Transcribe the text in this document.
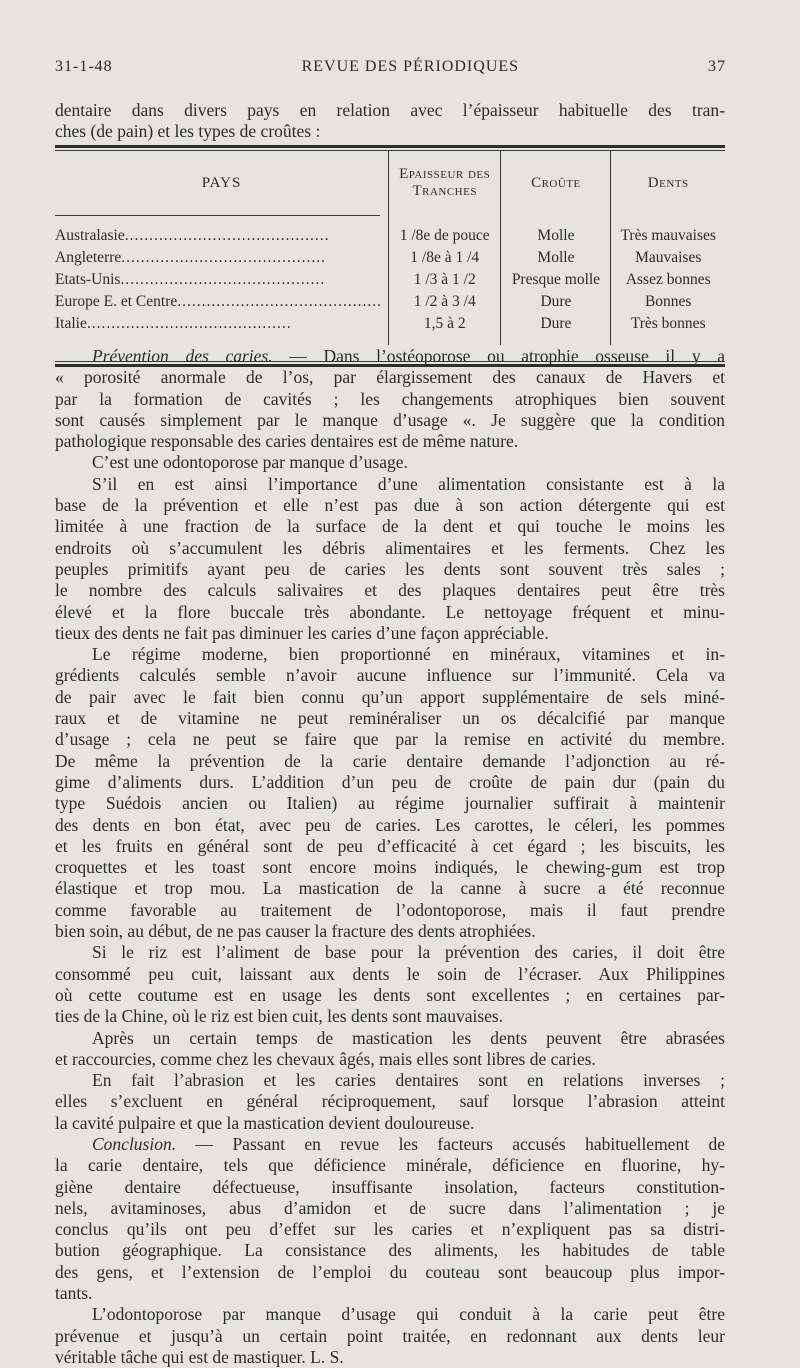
31-1-48	REVUE DES PÉRIODIQUES	37
dentaire dans divers pays en relation avec l’épaisseur habituelle des tran-
ches (de pain) et les types de croûtes :
PAYS	Epaisseur des Tranches	Croûte	Dents

Australasie ..........................................	1 /8e de pouce	Molle	Très mauvaises

Angleterre ..........................................	1 /8e à 1 /4	Molle	Mauvaises

Etats-Unis ..........................................	1 /3 à 1 /2	Presque molle	Assez bonnes

Europe E. et Centre ..........................................	1 /2 à 3 /4	Dure	Bonnes

Italie ..........................................	1,5 à 2	Dure	Très bonnes

Prévention des caries. — Dans l’ostéoporose ou atrophie osseuse il y a
« porosité anormale de l’os, par élargissement des canaux de Havers et
par la formation de cavités ; les changements atrophiques bien souvent
sont causés simplement par le manque d’usage «. Je suggère que la condition
pathologique responsable des caries dentaires est de même nature.
C’est une odontoporose par manque d’usage.
S’il en est ainsi l’importance d’une alimentation consistante est à la
base de la prévention et elle n’est pas due à son action détergente qui est
limitée à une fraction de la surface de la dent et qui touche le moins les
endroits où s’accumulent les débris alimentaires et les ferments. Chez les
peuples primitifs ayant peu de caries les dents sont souvent très sales ;
le nombre des calculs salivaires et des plaques dentaires peut être très
élevé et la flore buccale très abondante. Le nettoyage fréquent et minu-
tieux des dents ne fait pas diminuer les caries d’une façon appréciable.
Le régime moderne, bien proportionné en minéraux, vitamines et in-
grédients calculés semble n’avoir aucune influence sur l’immunité. Cela va
de pair avec le fait bien connu qu’un apport supplémentaire de sels miné-
raux et de vitamine ne peut reminéraliser un os décalcifié par manque
d’usage ; cela ne peut se faire que par la remise en activité du membre.
De même la prévention de la carie dentaire demande l’adjonction au ré-
gime d’aliments durs. L’addition d’un peu de croûte de pain dur (pain du
type Suédois ancien ou Italien) au régime journalier suffirait à maintenir
des dents en bon état, avec peu de caries. Les carottes, le céleri, les pommes
et les fruits en général sont de peu d’efficacité à cet égard ; les biscuits, les
croquettes et les toast sont encore moins indiqués, le chewing-gum est trop
élastique et trop mou. La mastication de la canne à sucre a été reconnue
comme favorable au traitement de l’odontoporose, mais il faut prendre
bien soin, au début, de ne pas causer la fracture des dents atrophiées.
Si le riz est l’aliment de base pour la prévention des caries, il doit être
consommé peu cuit, laissant aux dents le soin de l’écraser. Aux Philippines
où cette coutume est en usage les dents sont excellentes ; en certaines par-
ties de la Chine, où le riz est bien cuit, les dents sont mauvaises.
Après un certain temps de mastication les dents peuvent être abrasées
et raccourcies, comme chez les chevaux âgés, mais elles sont libres de caries.
En fait l’abrasion et les caries dentaires sont en relations inverses ;
elles s’excluent en général réciproquement, sauf lorsque l’abrasion atteint
la cavité pulpaire et que la mastication devient douloureuse.
Conclusion. — Passant en revue les facteurs accusés habituellement de
la carie dentaire, tels que déficience minérale, déficience en fluorine, hy-
giène dentaire défectueuse, insuffisante insolation, facteurs constitution-
nels, avitaminoses, abus d’amidon et de sucre dans l’alimentation ; je
conclus qu’ils ont peu d’effet sur les caries et n’expliquent pas sa distri-
bution géographique. La consistance des aliments, les habitudes de table
des gens, et l’extension de l’emploi du couteau sont beaucoup plus impor-
tants.
L’odontoporose par manque d’usage qui conduit à la carie peut être
prévenue et jusqu’à un certain point traitée, en redonnant aux dents leur
véritable tâche qui est de mastiquer. L. S.
